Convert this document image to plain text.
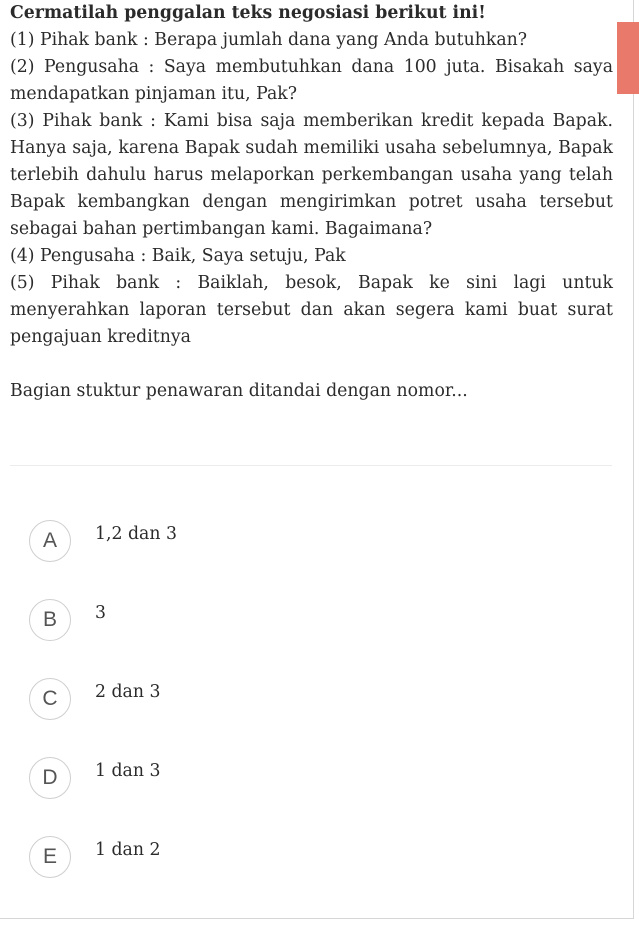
Cermatilah penggalan teks negosiasi berikut ini!

(1) Pihak bank : Berapa jumlah dana yang Anda butuhkan?

(2) Pengusaha : Saya membutuhkan dana 100 juta. Bisakah saya mendapatkan pinjaman itu, Pak?

(3) Pihak bank : Kami bisa saja memberikan kredit kepada Bapak. Hanya saja, karena Bapak sudah memiliki usaha sebelumnya, Bapak terlebih dahulu harus melaporkan perkembangan usaha yang telah Bapak kembangkan dengan mengirimkan potret usaha tersebut sebagai bahan pertimbangan kami. Bagaimana?

(4) Pengusaha : Baik, Saya setuju, Pak

(5) Pihak bank : Baiklah, besok, Bapak ke sini lagi untuk menyerahkan laporan tersebut dan akan segera kami buat surat pengajuan kreditnya

Bagian stuktur penawaran ditandai dengan nomor...

A	1,2 dan 3
B	3
C	2 dan 3
D	1 dan 3
E	1 dan 2
